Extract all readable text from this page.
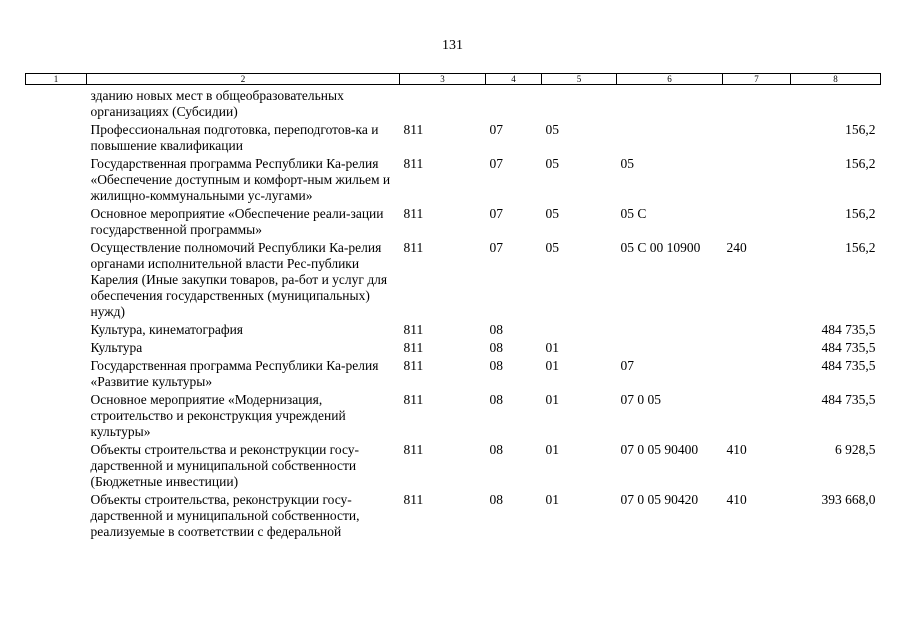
131
1	2	3	4	5	6	7	8
	зданию новых мест в общеобразовательных организациях (Субсидии)						
	Профессиональная подготовка, переподготов-ка и повышение квалификации	811	07	05			156,2
	Государственная программа Республики Ка-релия «Обеспечение доступным и комфорт-ным жильем и жилищно-коммунальными ус-лугами»	811	07	05	05		156,2
	Основное мероприятие «Обеспечение реали-зации государственной программы»	811	07	05	05 С		156,2
	Осуществление полномочий Республики Ка-релия органами исполнительной власти Рес-публики Карелия (Иные закупки товаров, ра-бот и услуг для обеспечения государственных (муниципальных) нужд)	811	07	05	05 С 00 10900	240	156,2
	Культура, кинематография	811	08				484 735,5
	Культура	811	08	01			484 735,5
	Государственная программа Республики Ка-релия «Развитие культуры»	811	08	01	07		484 735,5
	Основное мероприятие «Модернизация, строительство и реконструкция учреждений культуры»	811	08	01	07 0 05		484 735,5
	Объекты строительства и реконструкции госу-дарственной и муниципальной собственности (Бюджетные инвестиции)	811	08	01	07 0 05 90400	410	6 928,5
	Объекты строительства, реконструкции госу-дарственной и муниципальной собственности, реализуемые в соответствии с федеральной	811	08	01	07 0 05 90420	410	393 668,0
